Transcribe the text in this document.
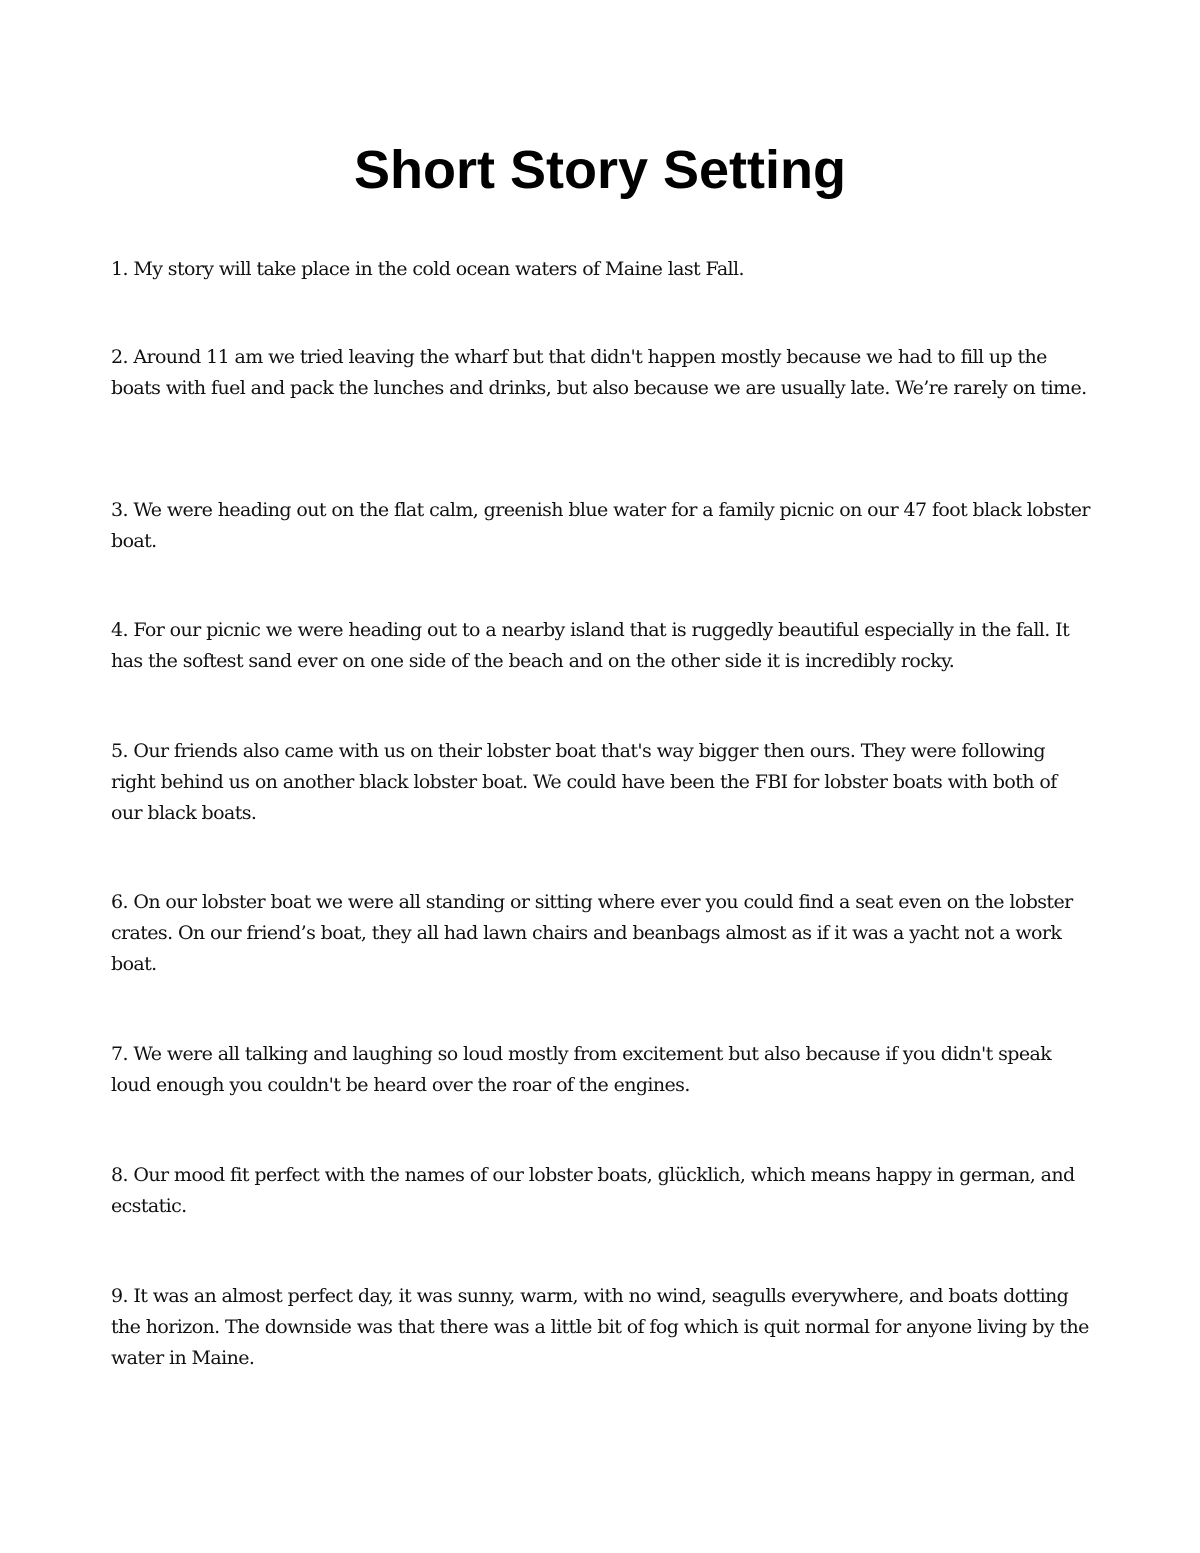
Short Story Setting

1. My story will take place in the cold ocean waters of Maine last Fall.

2. Around 11 am we tried leaving the wharf but that didn't happen mostly because we had to fill up the boats with fuel and pack the lunches and drinks, but also because we are usually late. We’re rarely on time.

3. We were heading out on the flat calm, greenish blue water for a family picnic on our 47 foot black lobster boat.

4. For our picnic we were heading out to a nearby island that is ruggedly beautiful especially in the fall. It has the softest sand ever on one side of the beach and on the other side it is incredibly rocky.

5. Our friends also came with us on their lobster boat that's way bigger then ours. They were following right behind us on another black lobster boat. We could have been the FBI for lobster boats with both of our black boats.

6. On our lobster boat we were all standing or sitting where ever you could find a seat even on the lobster crates. On our friend’s boat, they all had lawn chairs and beanbags almost as if it was a yacht not a work boat.

7. We were all talking and laughing so loud mostly from excitement but also because if you didn't speak loud enough you couldn't be heard over the roar of the engines.

8. Our mood fit perfect with the names of our lobster boats, glücklich, which means happy in german, and ecstatic.

9. It was an almost perfect day, it was sunny, warm, with no wind, seagulls everywhere, and boats dotting the horizon. The downside was that there was a little bit of fog which is quit normal for anyone living by the water in Maine.
